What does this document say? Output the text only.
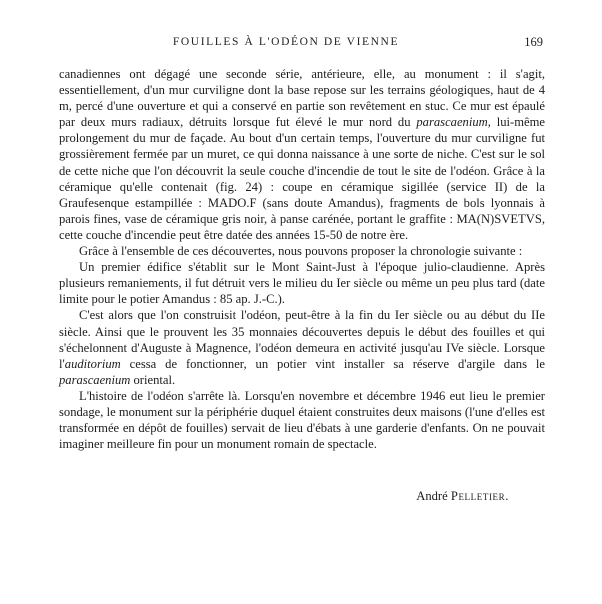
FOUILLES À L'ODÉON DE VIENNE	169

canadiennes ont dégagé une seconde série, antérieure, elle, au monument : il s'agit, essentiellement, d'un mur curviligne dont la base repose sur les terrains géologiques, haut de 4 m, percé d'une ouverture et qui a conservé en partie son revêtement en stuc. Ce mur est épaulé par deux murs radiaux, détruits lorsque fut élevé le mur nord du parascaenium, lui-même prolongement du mur de façade. Au bout d'un certain temps, l'ouverture du mur curviligne fut grossièrement fermée par un muret, ce qui donna naissance à une sorte de niche. C'est sur le sol de cette niche que l'on découvrit la seule couche d'incendie de tout le site de l'odéon. Grâce à la céramique qu'elle contenait (fig. 24) : coupe en céramique sigillée (service II) de la Graufesenque estampillée : MADO.F (sans doute Amandus), fragments de bols lyonnais à parois fines, vase de céramique gris noir, à panse carénée, portant le graffite : MA(N)SVETVS, cette couche d'incendie peut être datée des années 15-50 de notre ère.

Grâce à l'ensemble de ces découvertes, nous pouvons proposer la chronologie suivante :

Un premier édifice s'établit sur le Mont Saint-Just à l'époque julio-claudienne. Après plusieurs remaniements, il fut détruit vers le milieu du Ier siècle ou même un peu plus tard (date limite pour le potier Amandus : 85 ap. J.-C.).

C'est alors que l'on construisit l'odéon, peut-être à la fin du Ier siècle ou au début du IIe siècle. Ainsi que le prouvent les 35 monnaies découvertes depuis le début des fouilles et qui s'échelonnent d'Auguste à Magnence, l'odéon demeura en activité jusqu'au IVe siècle. Lorsque l'auditorium cessa de fonctionner, un potier vint installer sa réserve d'argile dans le parascaenium oriental.

L'histoire de l'odéon s'arrête là. Lorsqu'en novembre et décembre 1946 eut lieu le premier sondage, le monument sur la périphérie duquel étaient construites deux maisons (l'une d'elles est transformée en dépôt de fouilles) servait de lieu d'ébats à une garderie d'enfants. On ne pouvait imaginer meilleure fin pour un monument romain de spectacle.

André Pelletier.
